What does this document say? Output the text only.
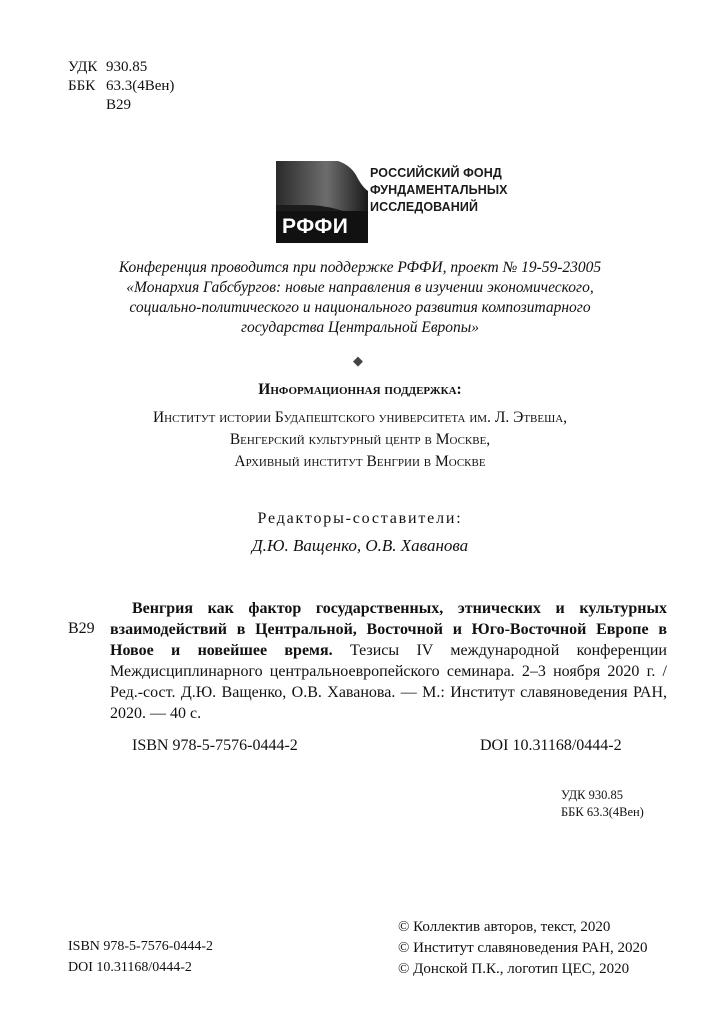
УДК 930.85
ББК 63.3(4Вен)
В29
РФФИ
РОССИЙСКИЙ ФОНД
ФУНДАМЕНТАЛЬНЫХ
ИССЛЕДОВАНИЙ
Конференция проводится при поддержке РФФИ, проект № 19-59-23005
«Монархия Габсбургов: новые направления в изучении экономического,
социально-политического и национального развития композитарного
государства Центральной Европы»
◆
Информационная поддержка:
Институт истории Будапештского университета им. Л. Этвеша,
Венгерский культурный центр в Москве,
Архивный институт Венгрии в Москве
Редакторы-составители:
Д.Ю. Ващенко, О.В. Хаванова
В29
Венгрия как фактор государственных, этнических и культурных взаимодействий в Центральной, Восточной и Юго-Восточной Европе в Новое и новейшее время. Тезисы IV международной конференции Междисциплинарного центральноевропейского семинара. 2–3 ноября 2020 г. / Ред.-сост. Д.Ю. Ващенко, О.В. Хаванова. — М.: Институт славяноведения РАН, 2020. — 40 с.
ISBN 978-5-7576-0444-2	DOI 10.31168/0444-2
УДК 930.85
ББК 63.3(4Вен)
ISBN 978-5-7576-0444-2
DOI 10.31168/0444-2
© Коллектив авторов, текст, 2020
© Институт славяноведения РАН, 2020
© Донской П.К., логотип ЦЕС, 2020
